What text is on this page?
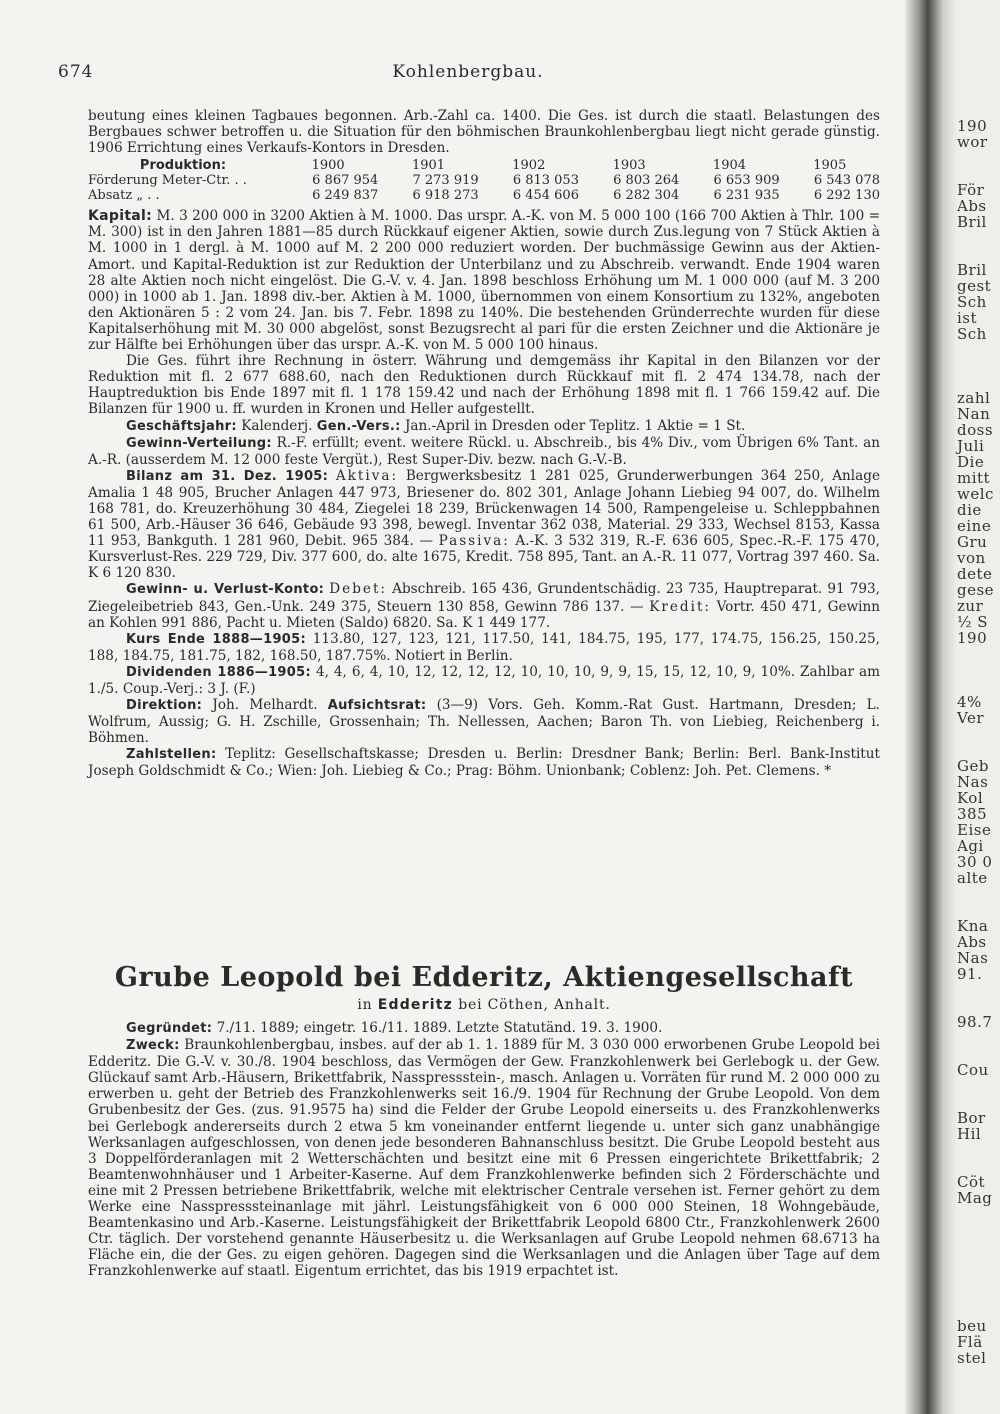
674	Kohlenbergbau.

beutung eines kleinen Tagbaues begonnen. Arb.-Zahl ca. 1400. Die Ges. ist durch die staatl. Belastungen des Bergbaues schwer betroffen u. die Situation für den böhmischen Braunkohlenbergbau liegt nicht gerade günstig. 1906 Errichtung eines Verkaufs-Kontors in Dresden.

Produktion:	1900	1901	1902	1903	1904	1905
Förderung Meter-Ctr. . .	6 867 954	7 273 919	6 813 053	6 803 264	6 653 909	6 543 078
Absatz „ . .	6 249 837	6 918 273	6 454 606	6 282 304	6 231 935	6 292 130

Kapital: M. 3 200 000 in 3200 Aktien à M. 1000. Das urspr. A.-K. von M. 5 000 100 (166 700 Aktien à Thlr. 100 = M. 300) ist in den Jahren 1881—85 durch Rückkauf eigener Aktien, sowie durch Zus.legung von 7 Stück Aktien à M. 1000 in 1 dergl. à M. 1000 auf M. 2 200 000 reduziert worden. Der buchmässige Gewinn aus der Aktien-Amort. und Kapital-Reduktion ist zur Reduktion der Unterbilanz und zu Abschreib. verwandt. Ende 1904 waren 28 alte Aktien noch nicht eingelöst. Die G.-V. v. 4. Jan. 1898 beschloss Erhöhung um M. 1 000 000 (auf M. 3 200 000) in 1000 ab 1. Jan. 1898 div.-ber. Aktien à M. 1000, übernommen von einem Konsortium zu 132%, angeboten den Aktionären 5 : 2 vom 24. Jan. bis 7. Febr. 1898 zu 140%. Die bestehenden Gründerrechte wurden für diese Kapitalserhöhung mit M. 30 000 abgelöst, sonst Bezugsrecht al pari für die ersten Zeichner und die Aktionäre je zur Hälfte bei Erhöhungen über das urspr. A.-K. von M. 5 000 100 hinaus.

Die Ges. führt ihre Rechnung in österr. Währung und demgemäss ihr Kapital in den Bilanzen vor der Reduktion mit fl. 2 677 688.60, nach den Reduktionen durch Rückkauf mit fl. 2 474 134.78, nach der Hauptreduktion bis Ende 1897 mit fl. 1 178 159.42 und nach der Erhöhung 1898 mit fl. 1 766 159.42 auf. Die Bilanzen für 1900 u. ff. wurden in Kronen und Heller aufgestellt.

Geschäftsjahr: Kalenderj. Gen.-Vers.: Jan.-April in Dresden oder Teplitz. 1 Aktie = 1 St.

Gewinn-Verteilung: R.-F. erfüllt; event. weitere Rückl. u. Abschreib., bis 4% Div., vom Übrigen 6% Tant. an A.-R. (ausserdem M. 12 000 feste Vergüt.), Rest Super-Div. bezw. nach G.-V.-B.

Bilanz am 31. Dez. 1905: Aktiva: Bergwerksbesitz 1 281 025, Grunderwerbungen 364 250, Anlage Amalia 1 48 905, Brucher Anlagen 447 973, Briesener do. 802 301, Anlage Johann Liebieg 94 007, do. Wilhelm 168 781, do. Kreuzerhöhung 30 484, Ziegelei 18 239, Brückenwagen 14 500, Rampengeleise u. Schleppbahnen 61 500, Arb.-Häuser 36 646, Gebäude 93 398, bewegl. Inventar 362 038, Material. 29 333, Wechsel 8153, Kassa 11 953, Bankguth. 1 281 960, Debit. 965 384. — Passiva: A.-K. 3 532 319, R.-F. 636 605, Spec.-R.-F. 175 470, Kursverlust-Res. 229 729, Div. 377 600, do. alte 1675, Kredit. 758 895, Tant. an A.-R. 11 077, Vortrag 397 460. Sa. K 6 120 830.

Gewinn- u. Verlust-Konto: Debet: Abschreib. 165 436, Grundentschädig. 23 735, Hauptreparat. 91 793, Ziegeleibetrieb 843, Gen.-Unk. 249 375, Steuern 130 858, Gewinn 786 137. — Kredit: Vortr. 450 471, Gewinn an Kohlen 991 886, Pacht u. Mieten (Saldo) 6820. Sa. K 1 449 177.

Kurs Ende 1888—1905: 113.80, 127, 123, 121, 117.50, 141, 184.75, 195, 177, 174.75, 156.25, 150.25, 188, 184.75, 181.75, 182, 168.50, 187.75%. Notiert in Berlin.

Dividenden 1886—1905: 4, 4, 6, 4, 10, 12, 12, 12, 12, 10, 10, 10, 9, 9, 15, 15, 12, 10, 9, 10%. Zahlbar am 1./5. Coup.-Verj.: 3 J. (F.)

Direktion: Joh. Melhardt. Aufsichtsrat: (3—9) Vors. Geh. Komm.-Rat Gust. Hartmann, Dresden; L. Wolfrum, Aussig; G. H. Zschille, Grossenhain; Th. Nellessen, Aachen; Baron Th. von Liebieg, Reichenberg i. Böhmen.

Zahlstellen: Teplitz: Gesellschaftskasse; Dresden u. Berlin: Dresdner Bank; Berlin: Berl. Bank-Institut Joseph Goldschmidt & Co.; Wien: Joh. Liebieg & Co.; Prag: Böhm. Unionbank; Coblenz: Joh. Pet. Clemens. *

Grube Leopold bei Edderitz, Aktiengesellschaft
in Edderitz bei Cöthen, Anhalt.

Gegründet: 7./11. 1889; eingetr. 16./11. 1889. Letzte Statutänd. 19. 3. 1900.

Zweck: Braunkohlenbergbau, insbes. auf der ab 1. 1. 1889 für M. 3 030 000 erworbenen Grube Leopold bei Edderitz. Die G.-V. v. 30./8. 1904 beschloss, das Vermögen der Gew. Franzkohlenwerk bei Gerlebogk u. der Gew. Glückauf samt Arb.-Häusern, Brikettfabrik, Nasspressstein-, masch. Anlagen u. Vorräten für rund M. 2 000 000 zu erwerben u. geht der Betrieb des Franzkohlenwerks seit 16./9. 1904 für Rechnung der Grube Leopold. Von dem Grubenbesitz der Ges. (zus. 91.9575 ha) sind die Felder der Grube Leopold einerseits u. des Franzkohlenwerks bei Gerlebogk andererseits durch 2 etwa 5 km voneinander entfernt liegende u. unter sich ganz unabhängige Werksanlagen aufgeschlossen, von denen jede besonderen Bahnanschluss besitzt. Die Grube Leopold besteht aus 3 Doppelförderanlagen mit 2 Wetterschächten und besitzt eine mit 6 Pressen eingerichtete Brikettfabrik; 2 Beamtenwohnhäuser und 1 Arbeiter-Kaserne. Auf dem Franzkohlenwerke befinden sich 2 Förderschächte und eine mit 2 Pressen betriebene Brikettfabrik, welche mit elektrischer Centrale versehen ist. Ferner gehört zu dem Werke eine Nasspresssteinanlage mit jährl. Leistungsfähigkeit von 6 000 000 Steinen, 18 Wohngebäude, Beamtenkasino und Arb.-Kaserne. Leistungsfähigkeit der Brikettfabrik Leopold 6800 Ctr., Franzkohlenwerk 2600 Ctr. täglich. Der vorstehend genannte Häuserbesitz u. die Werksanlagen auf Grube Leopold nehmen 68.6713 ha Fläche ein, die der Ges. zu eigen gehören. Dagegen sind die Werksanlagen und die Anlagen über Tage auf dem Franzkohlenwerke auf staatl. Eigentum errichtet, das bis 1919 erpachtet ist.

190
wor
För
Abs
Bril
Bril
gest
Sch
ist
Sch
zahl
Nan
doss
Juli
Die
mitt
welc
die
eine
Gru
von
dete
gese
zur
½ S
190
4%
Ver
Geb
Nas
Kol
385
Eise
Agi
30 0
alte
Kna
Abs
Nas
91.
98.7
Cou
Bor
Hil
Cöt
Mag
beu
Flä
stel
